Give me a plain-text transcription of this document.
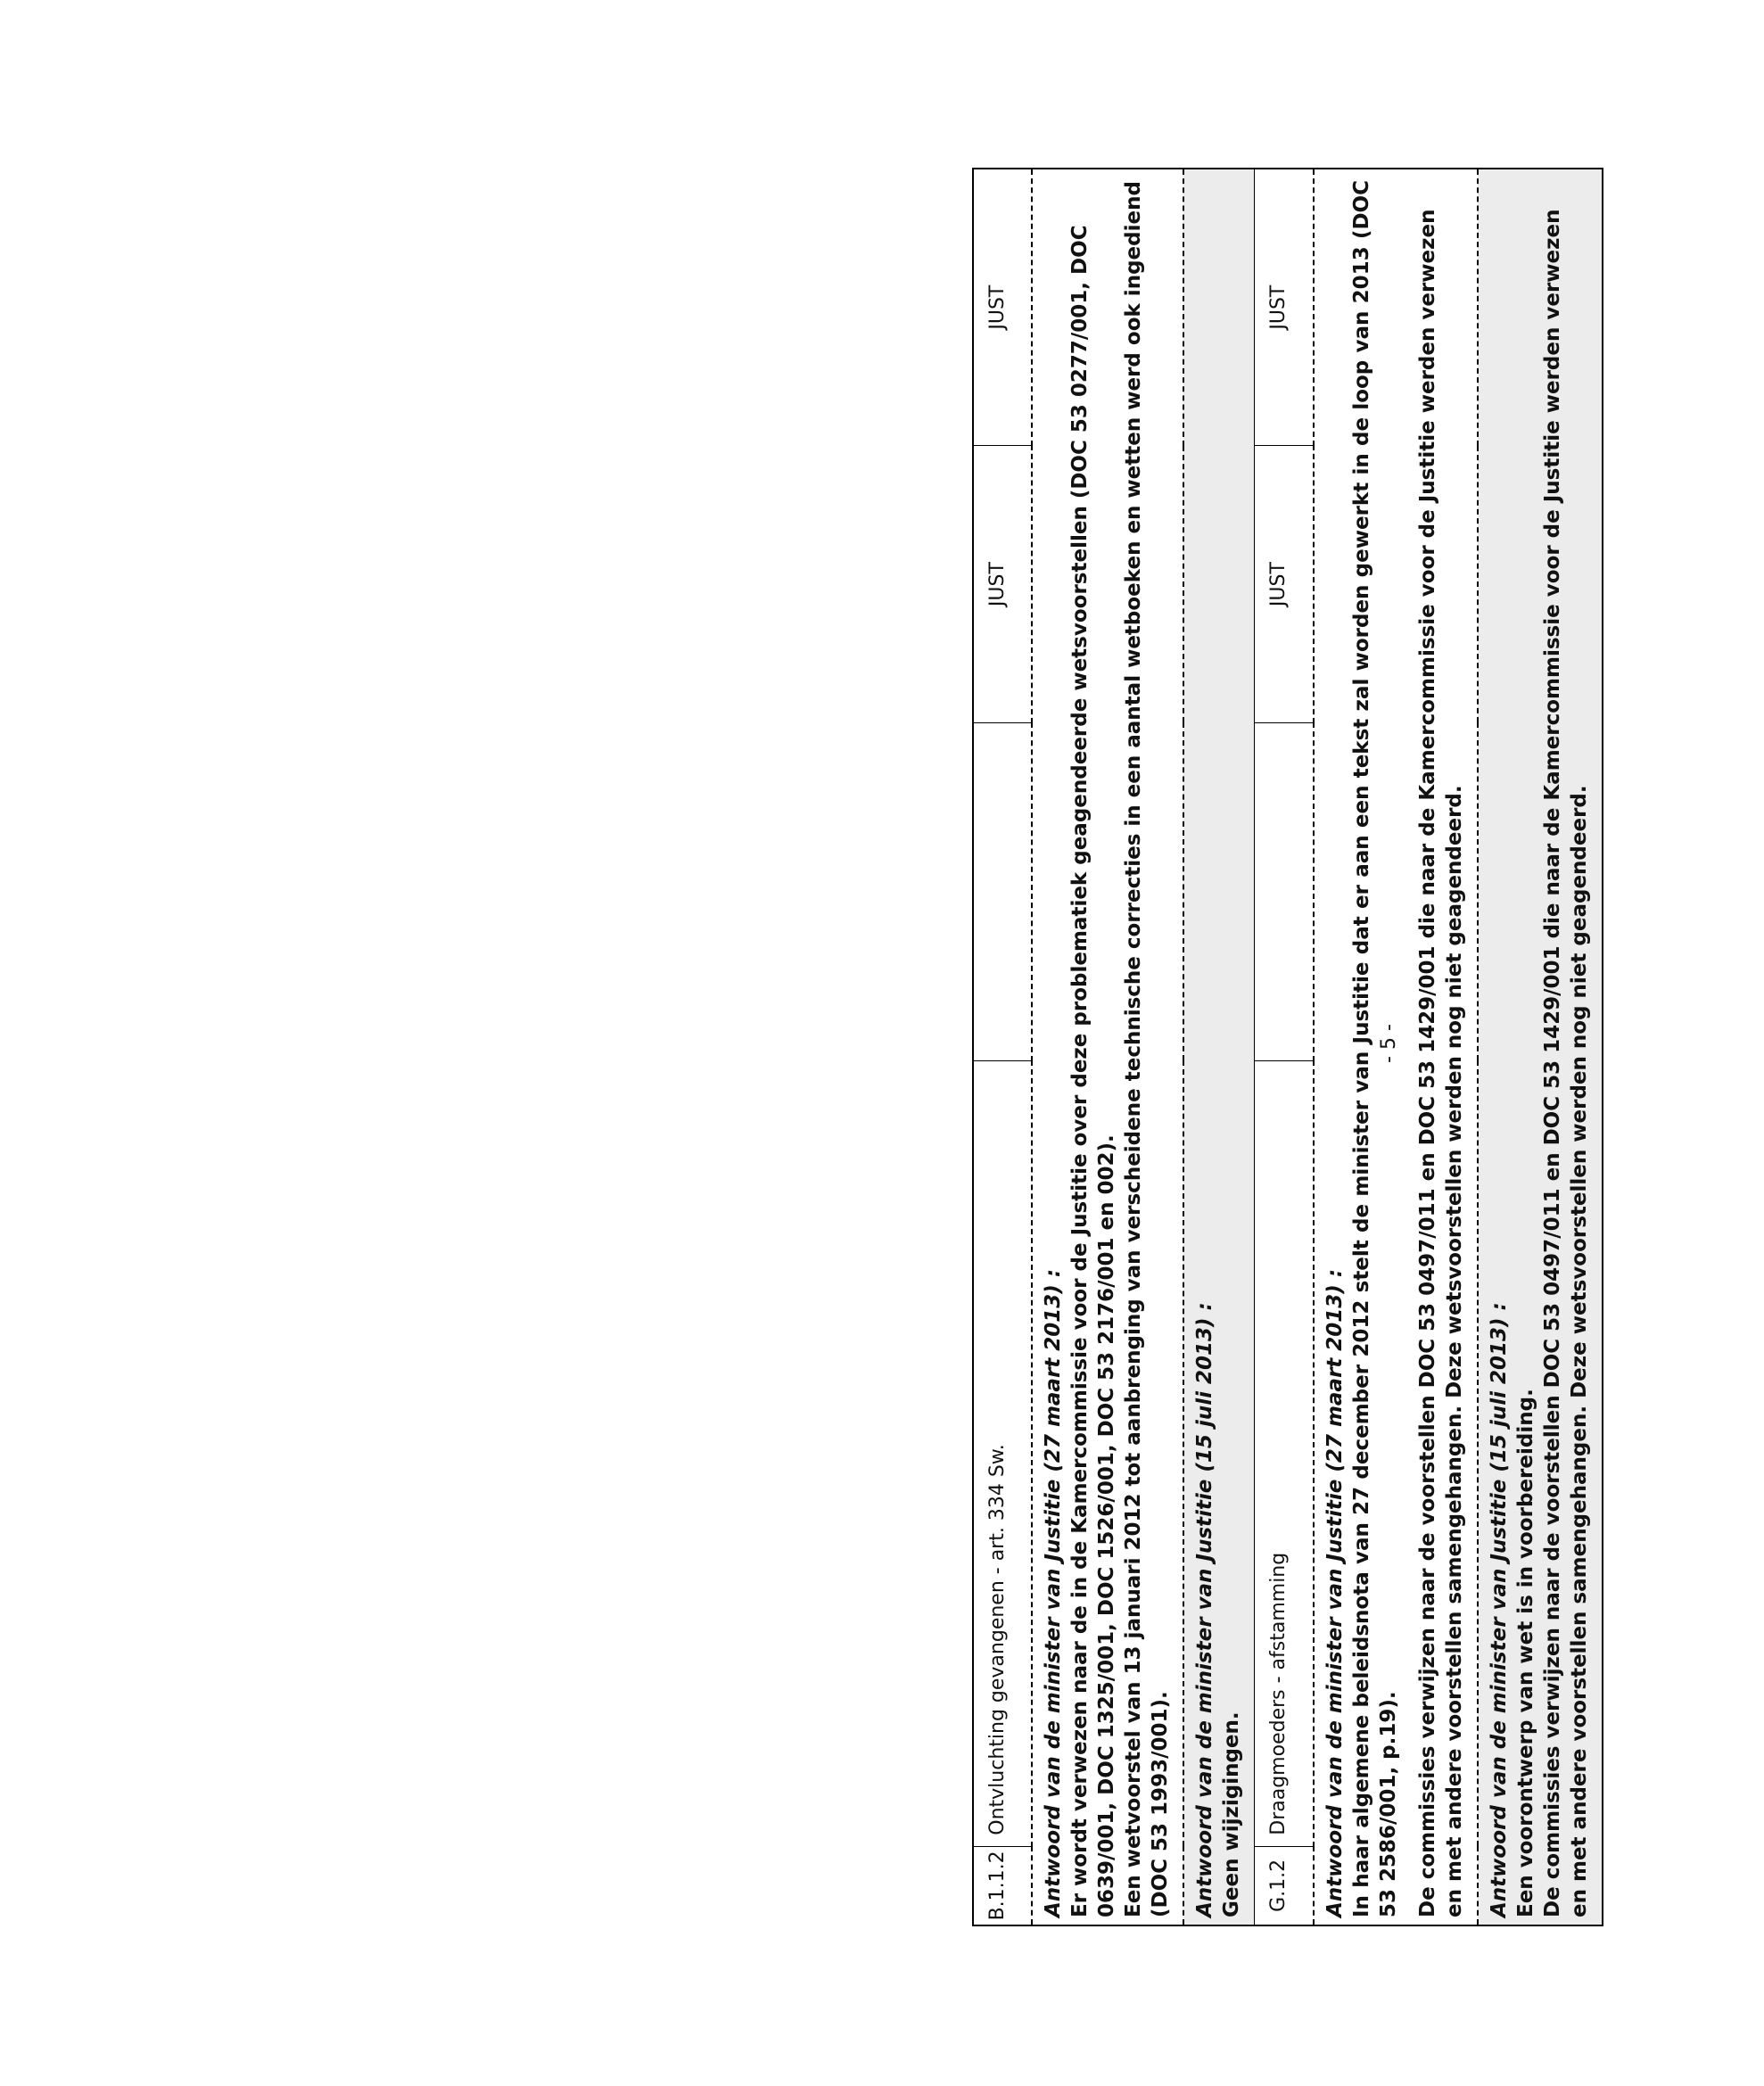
B.1.1.2	Ontvluchting gevangenen - art. 334 Sw.		JUST	JUST

Antwoord van de minister van Justitie (27 maart 2013) : Er wordt verwezen naar de in de Kamercommissie voor de Justitie over deze problematiek geagendeerde wetsvoorstellen (DOC 53 0277/001, DOC 0639/001, DOC 1325/001, DOC 1526/001, DOC 53 2176/001 en 002). Een wetvoorstel van 13 januari 2012 tot aanbrenging van verscheidene technische correcties in een aantal wetboeken en wetten werd ook ingediend (DOC 53 1993/001).				

Antwoord van de minister van Justitie (15 juli 2013) : Geen wijzigingen.				

G.1.2	Draagmoeders - afstamming		JUST	JUST

Antwoord van de minister van Justitie (27 maart 2013) : In haar algemene beleidsnota van 27 december 2012 stelt de minister van Justitie dat er aan een tekst zal worden gewerkt in de loop van 2013 (DOC 53 2586/001, p.19). De commissies verwijzen naar de voorstellen DOC 53 0497/011 en DOC 53 1429/001 die naar de Kamercommissie voor de Justitie werden verwezen en met andere voorstellen samengehangen. Deze wetsvoorstellen werden nog niet geagendeerd.				

Antwoord van de minister van Justitie (15 juli 2013) : Een voorontwerp van wet is in voorbereiding. De commissies verwijzen naar de voorstellen DOC 53 0497/011 en DOC 53 1429/001 die naar de Kamercommissie voor de Justitie werden verwezen en met andere voorstellen samengehangen. Deze wetsvoorstellen werden nog niet geagendeerd.				

- 5 -
